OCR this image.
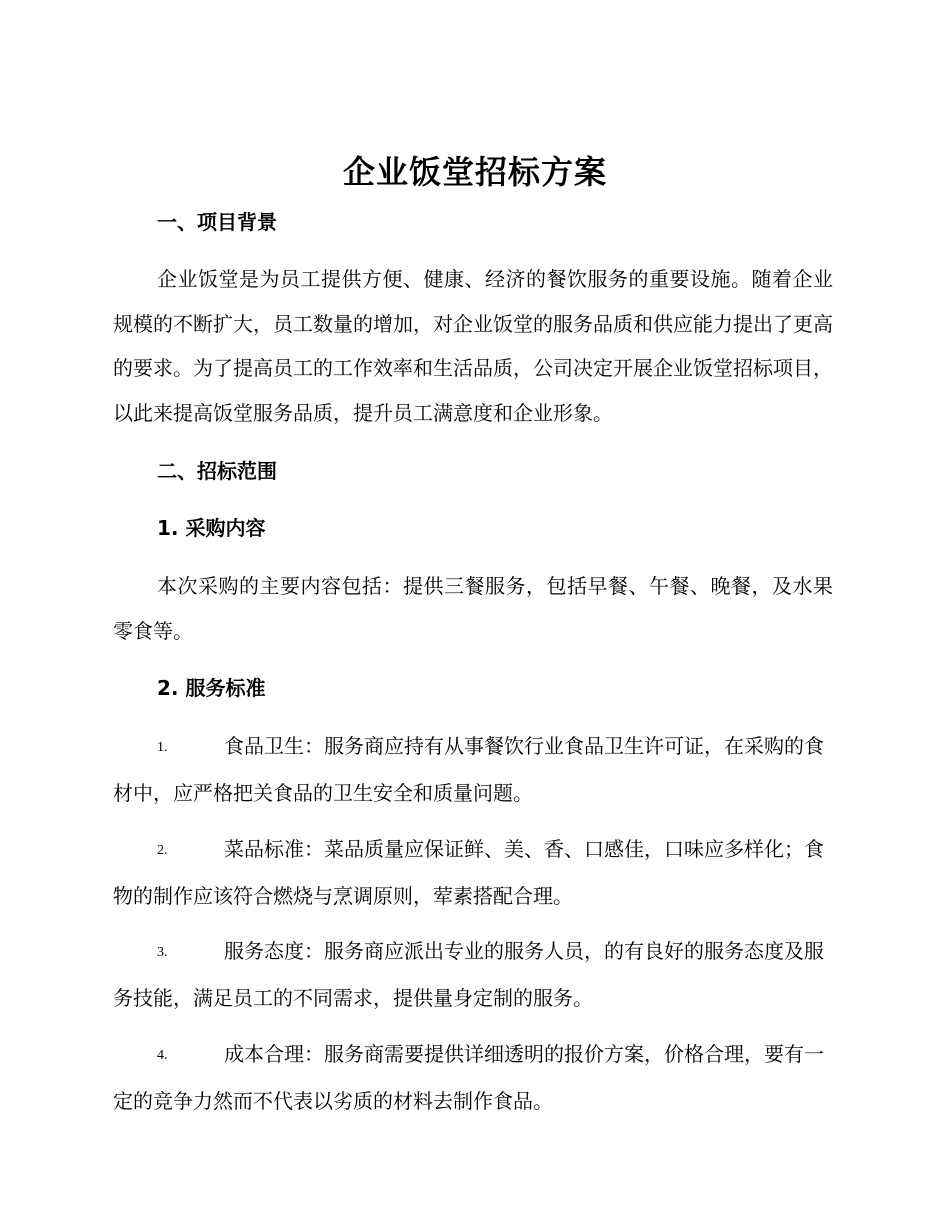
企业饭堂招标方案
一、项目背景

企业饭堂是为员工提供方便、健康、经济的餐饮服务的重要设施。随着企业规模的不断扩大，员工数量的增加，对企业饭堂的服务品质和供应能力提出了更高的要求。为了提高员工的工作效率和生活品质，公司决定开展企业饭堂招标项目，以此来提高饭堂服务品质，提升员工满意度和企业形象。

二、招标范围
1. 采购内容

本次采购的主要内容包括：提供三餐服务，包括早餐、午餐、晚餐，及水果零食等。

2. 服务标准

1.	食品卫生：服务商应持有从事餐饮行业食品卫生许可证，在采购的食材中，应严格把关食品的卫生安全和质量问题。

2.	菜品标准：菜品质量应保证鲜、美、香、口感佳，口味应多样化；食物的制作应该符合燃烧与烹调原则，荤素搭配合理。

3.	服务态度：服务商应派出专业的服务人员，的有良好的服务态度及服务技能，满足员工的不同需求，提供量身定制的服务。

4.	成本合理：服务商需要提供详细透明的报价方案，价格合理，要有一定的竞争力然而不代表以劣质的材料去制作食品。
